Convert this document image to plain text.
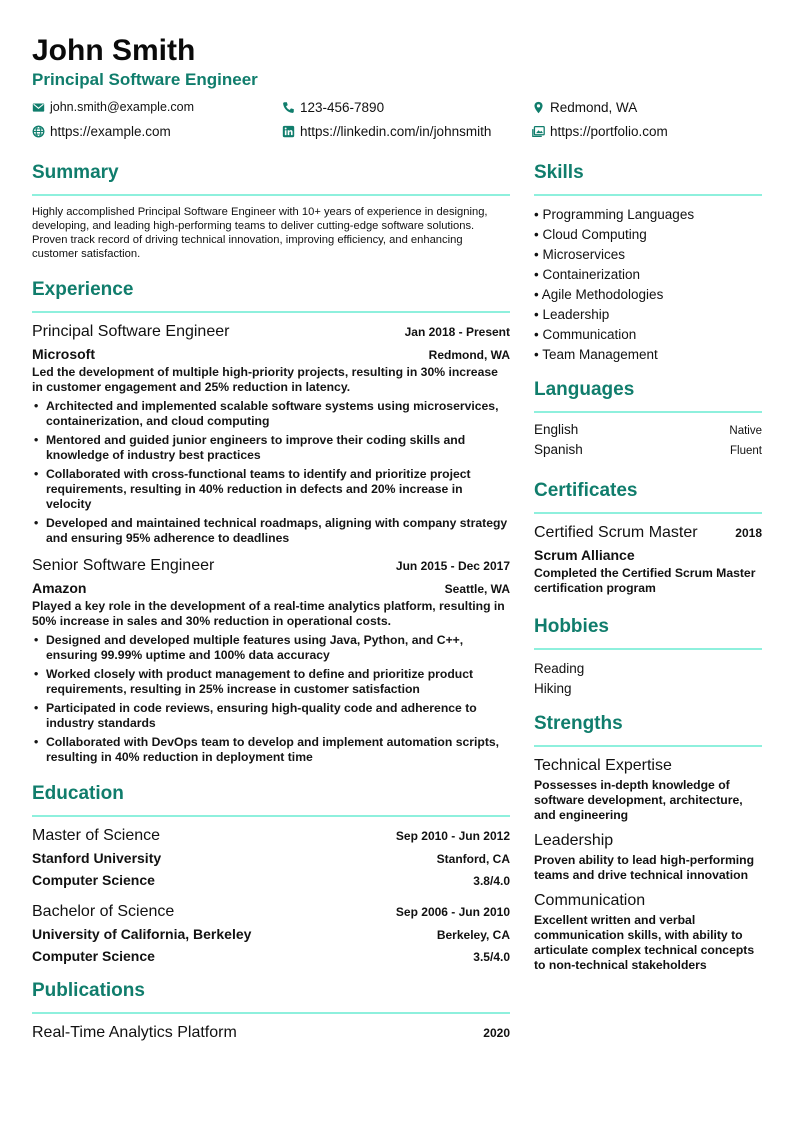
John Smith
Principal Software Engineer
john.smith@example.com	123-456-7890	Redmond, WA
https://example.com	https://linkedin.com/in/johnsmith	https://portfolio.com
Summary

Highly accomplished Principal Software Engineer with 10+ years of experience in designing, developing, and leading high-performing teams to deliver cutting-edge software solutions. Proven track record of driving technical innovation, improving efficiency, and enhancing customer satisfaction.

Experience
Principal Software Engineer	Jan 2018 - Present
Microsoft	Redmond, WA
Led the development of multiple high-priority projects, resulting in 30% increase in customer engagement and 25% reduction in latency.
• Architected and implemented scalable software systems using microservices, containerization, and cloud computing
• Mentored and guided junior engineers to improve their coding skills and knowledge of industry best practices
• Collaborated with cross-functional teams to identify and prioritize project requirements, resulting in 40% reduction in defects and 20% increase in velocity
• Developed and maintained technical roadmaps, aligning with company strategy and ensuring 95% adherence to deadlines
Senior Software Engineer	Jun 2015 - Dec 2017
Amazon	Seattle, WA
Played a key role in the development of a real-time analytics platform, resulting in 50% increase in sales and 30% reduction in operational costs.
• Designed and developed multiple features using Java, Python, and C++, ensuring 99.99% uptime and 100% data accuracy
• Worked closely with product management to define and prioritize product requirements, resulting in 25% increase in customer satisfaction
• Participated in code reviews, ensuring high-quality code and adherence to industry standards
• Collaborated with DevOps team to develop and implement automation scripts, resulting in 40% reduction in deployment time
Education
Master of Science	Sep 2010 - Jun 2012
Stanford University	Stanford, CA
Computer Science	3.8/4.0
Bachelor of Science	Sep 2006 - Jun 2010
University of California, Berkeley	Berkeley, CA
Computer Science	3.5/4.0
Publications
Real-Time Analytics Platform	2020
Skills
• Programming Languages
• Cloud Computing
• Microservices
• Containerization
• Agile Methodologies
• Leadership
• Communication
• Team Management
Languages
English	Native
Spanish	Fluent
Certificates
Certified Scrum Master	2018
Scrum Alliance
Completed the Certified Scrum Master certification program
Hobbies
Reading
Hiking
Strengths
Technical Expertise
Possesses in-depth knowledge of software development, architecture, and engineering
Leadership
Proven ability to lead high-performing teams and drive technical innovation
Communication
Excellent written and verbal communication skills, with ability to articulate complex technical concepts to non-technical stakeholders
